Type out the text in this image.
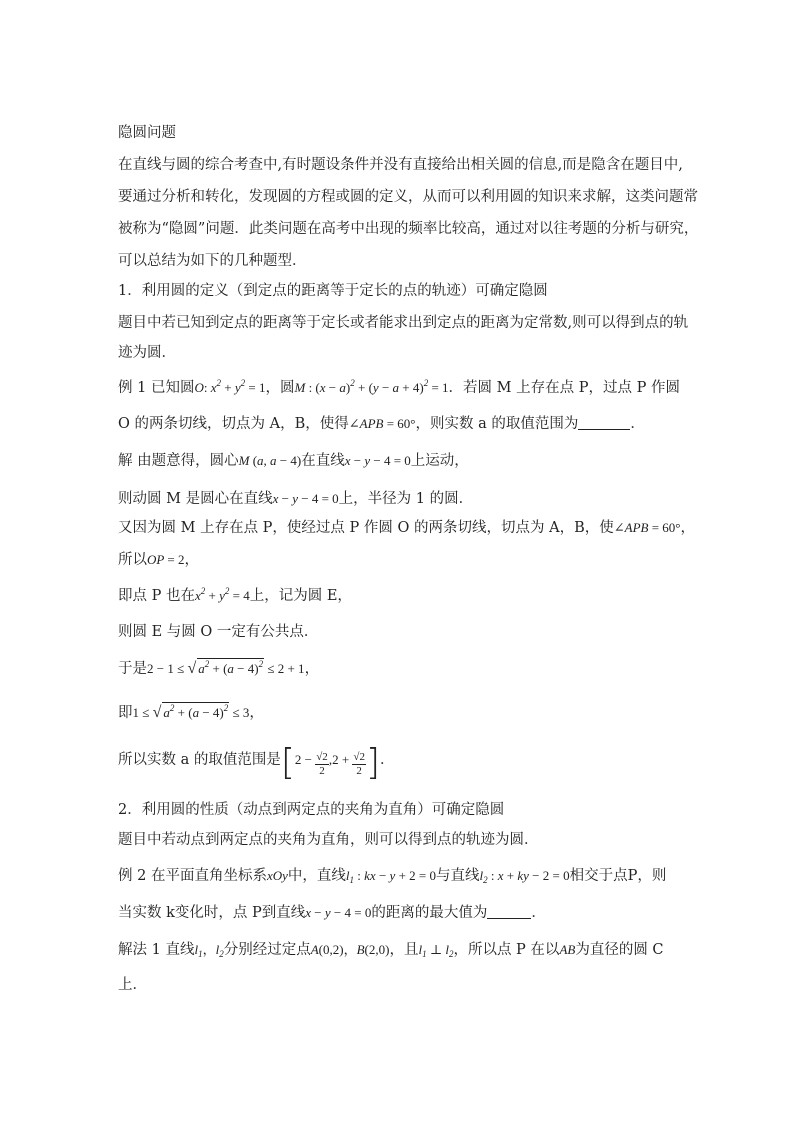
隐圆问题
在直线与圆的综合考查中,有时题设条件并没有直接给出相关圆的信息,而是隐含在题目中,
要通过分析和转化，发现圆的方程或圆的定义，从而可以利用圆的知识来求解，这类问题常
被称为“隐圆”问题．此类问题在高考中出现的频率比较高，通过对以往考题的分析与研究，
可以总结为如下的几种题型．
1．利用圆的定义（到定点的距离等于定长的点的轨迹）可确定隐圆
题目中若已知到定点的距离等于定长或者能求出到定点的距离为定常数,则可以得到点的轨
迹为圆．
例 1 已知圆O: $x^2 + y^2 = 1$，圆M : $(x - a)^2 + (y - a + 4)^2 = 1$．若圆 M 上存在点 P，过点 P 作圆
O 的两条切线，切点为 A，B，使得∠APB = 60°，则实数 a 的取值范围为	．
解 由题意得，圆心M (a, a − 4)在直线x − y − 4 = 0上运动，
则动圆 M 是圆心在直线x − y − 4 = 0上，半径为 1 的圆．
又因为圆 M 上存在点 P，使经过点 P 作圆 O 的两条切线，切点为 A，B，使∠APB = 60°，
所以OP = 2，
即点 P 也在$x^2 + y^2 = 4$上，记为圆 E，
则圆 E 与圆 O 一定有公共点．
于是2 − 1 ≤ √ $a^2 + (a - 4)^2 \le 2 + 1$，
即1 ≤ √ $a^2 + (a - 4)^2 \le 3$，
所以实数 a 的取值范围是[$2 - \frac{√2}{2} ,2 + \frac{√2}{2}$ ]．
2．利用圆的性质（动点到两定点的夹角为直角）可确定隐圆
题目中若动点到两定点的夹角为直角，则可以得到点的轨迹为圆．
例 2 在平面直角坐标系xOy中，直线$l_1$ : kx − y + 2 = 0与直线$l_2$ : x + ky − 2 = 0相交于点P，则
当实数 k变化时，点 P到直线x − y − 4 = 0的距离的最大值为	．
解法 1 直线$l_1$，$l_2$分别经过定点A(0,2)，B(2,0)，且$l_1$ ⊥ $l_2$，所以点 P 在以AB为直径的圆 C
上．
